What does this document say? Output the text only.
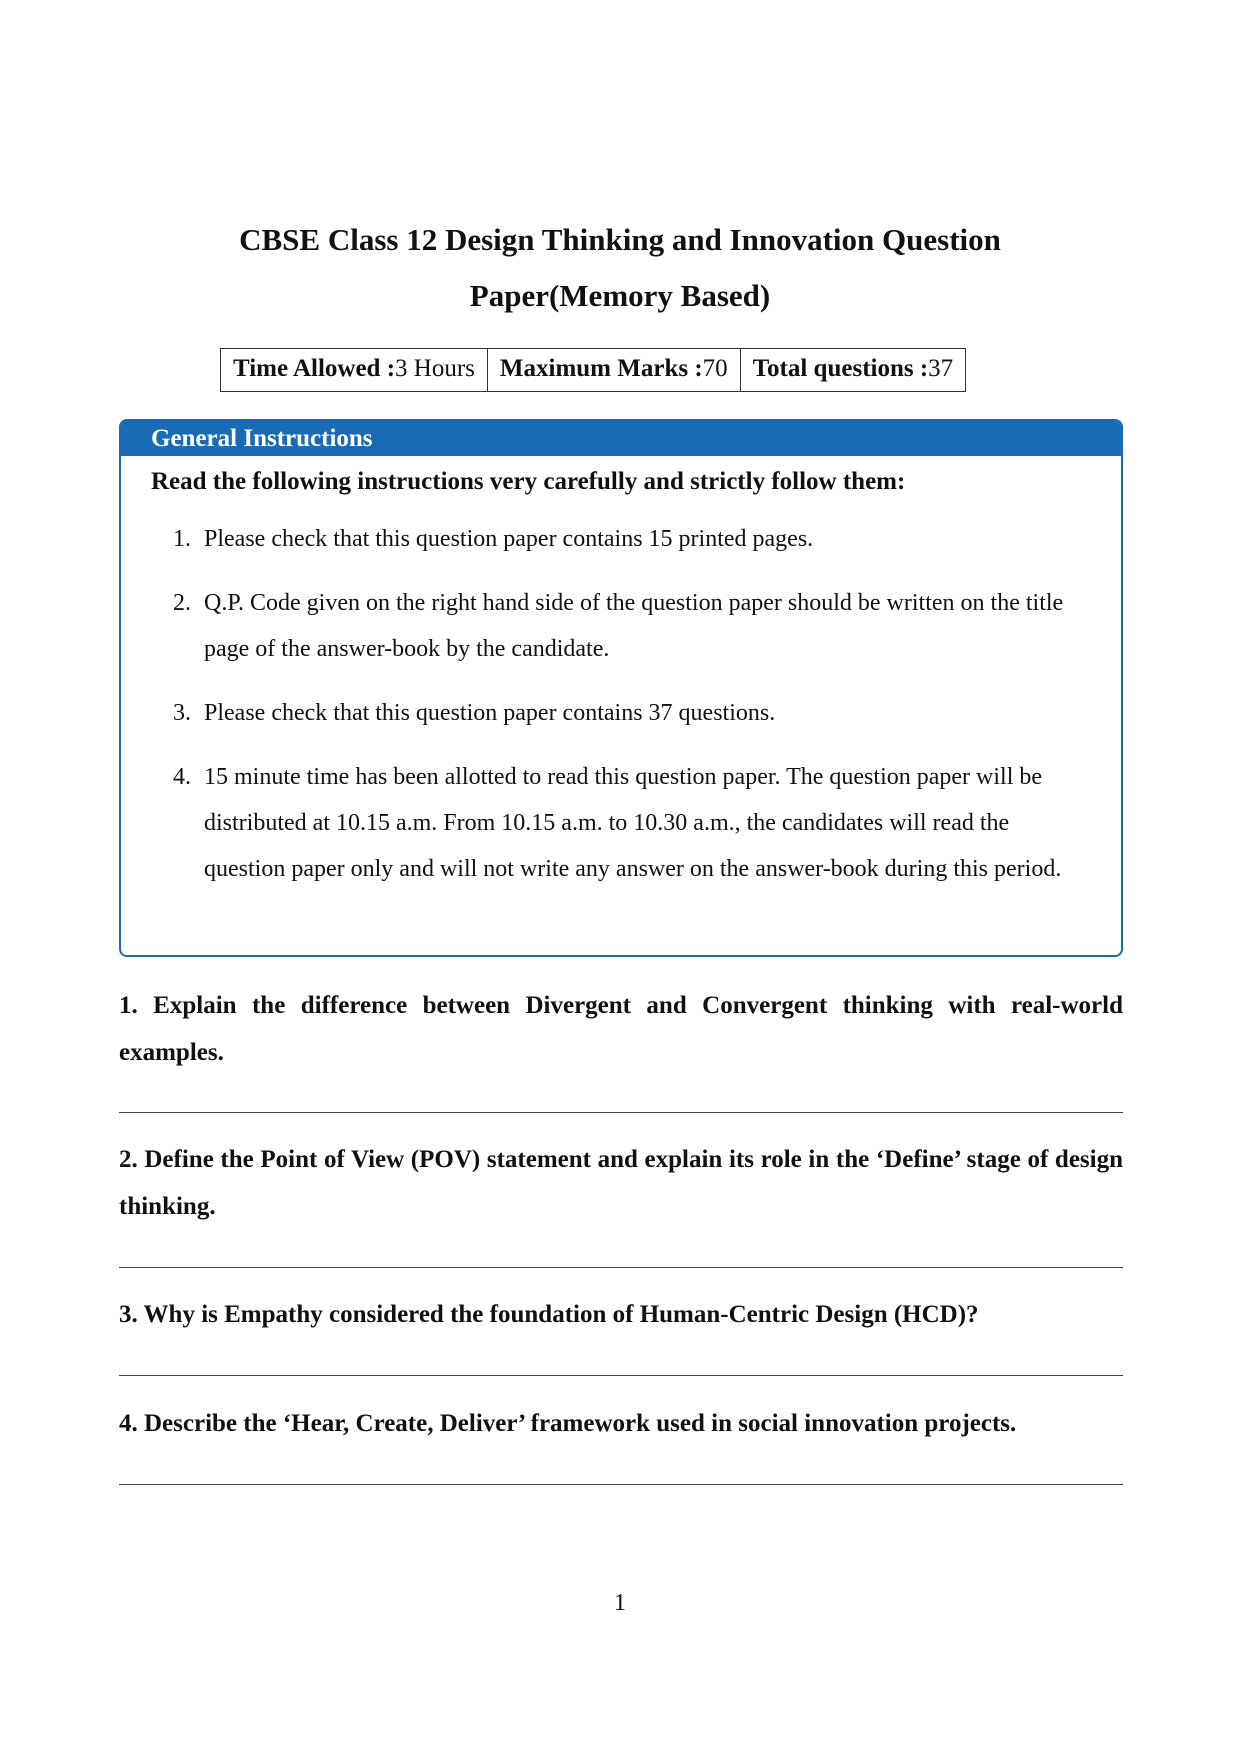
CBSE Class 12 Design Thinking and Innovation Question
Paper(Memory Based)
Time Allowed :3 Hours	Maximum Marks :70	Total questions :37
General Instructions
Read the following instructions very carefully and strictly follow them:
1. Please check that this question paper contains 15 printed pages.
2. Q.P. Code given on the right hand side of the question paper should be written on the title page of the answer-book by the candidate.
3. Please check that this question paper contains 37 questions.
4. 15 minute time has been allotted to read this question paper. The question paper will be distributed at 10.15 a.m. From 10.15 a.m. to 10.30 a.m., the candidates will read the question paper only and will not write any answer on the answer-book during this period.
1. Explain the difference between Divergent and Convergent thinking with real-world examples.
2. Define the Point of View (POV) statement and explain its role in the ‘Define’ stage of design thinking.
3. Why is Empathy considered the foundation of Human-Centric Design (HCD)?
4. Describe the ‘Hear, Create, Deliver’ framework used in social innovation projects.
1
